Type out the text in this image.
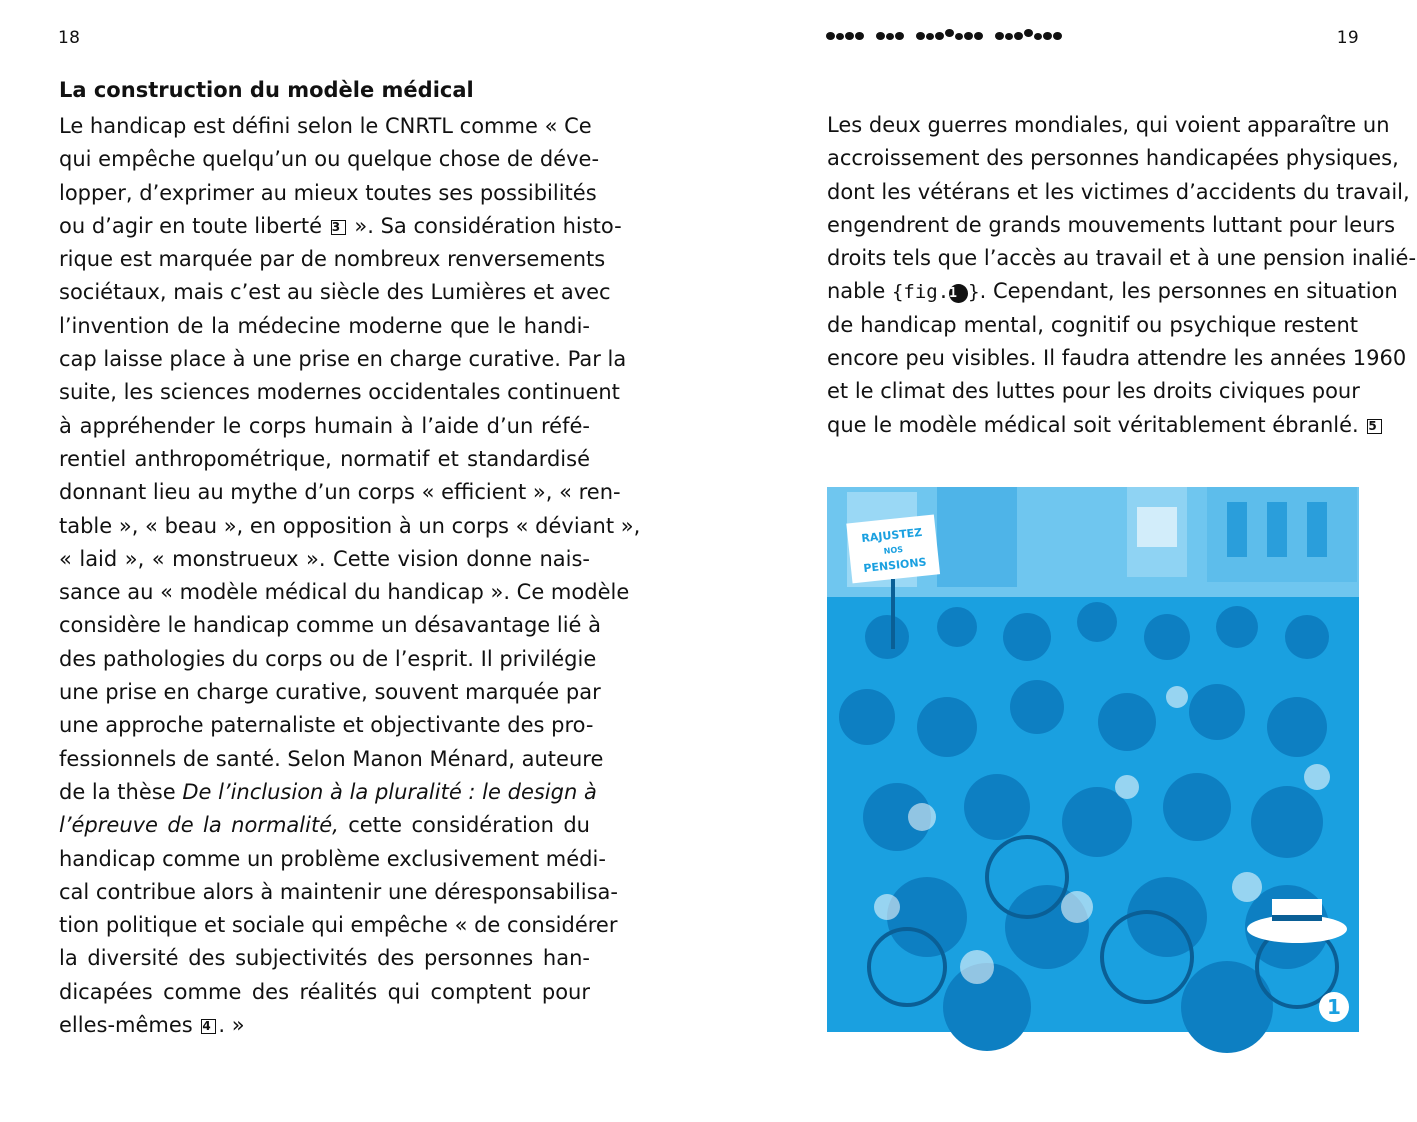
18
La construction du modèle médical
Le handicap est défini selon le CNRTL comme « Ce
qui empêche quelqu’un ou quelque chose de déve-
lopper, d’exprimer au mieux toutes ses possibilités
ou d’agir en toute liberté 3 ». Sa considération histo-
rique est marquée par de nombreux renversements
sociétaux, mais c’est au siècle des Lumières et avec
l’invention de la médecine moderne que le handi-
cap laisse place à une prise en charge curative. Par la
suite, les sciences modernes occidentales continuent
à appréhender le corps humain à l’aide d’un réfé-
rentiel anthropométrique, normatif et standardisé
donnant lieu au mythe d’un corps « efficient », « ren-
table », « beau », en opposition à un corps « déviant »,
« laid », « monstrueux ». Cette vision donne nais-
sance au « modèle médical du handicap ». Ce modèle
considère le handicap comme un désavantage lié à
des pathologies du corps ou de l’esprit. Il privilégie
une prise en charge curative, souvent marquée par
une approche paternaliste et objectivante des pro-
fessionnels de santé. Selon Manon Ménard, auteure
de la thèse De l’inclusion à la pluralité : le design à
l’épreuve de la normalité, cette considération du
handicap comme un problème exclusivement médi-
cal contribue alors à maintenir une déresponsabilisa-
tion politique et sociale qui empêche « de considérer
la diversité des subjectivités des personnes han-
dicapées comme des réalités qui comptent pour
elles-mêmes 4 . »
19
Les deux guerres mondiales, qui voient apparaître un
accroissement des personnes handicapées physiques,
dont les vétérans et les victimes d’accidents du travail,
engendrent de grands mouvements luttant pour leurs
droits tels que l’accès au travail et à une pension inalié-
nable {fig.1 }. Cependant, les personnes en situation
de handicap mental, cognitif ou psychique restent
encore peu visibles. Il faudra attendre les années 1960
et le climat des luttes pour les droits civiques pour
que le modèle médical soit véritablement ébranlé. 5
RAJUSTEZ
NOS
PENSIONS
1
